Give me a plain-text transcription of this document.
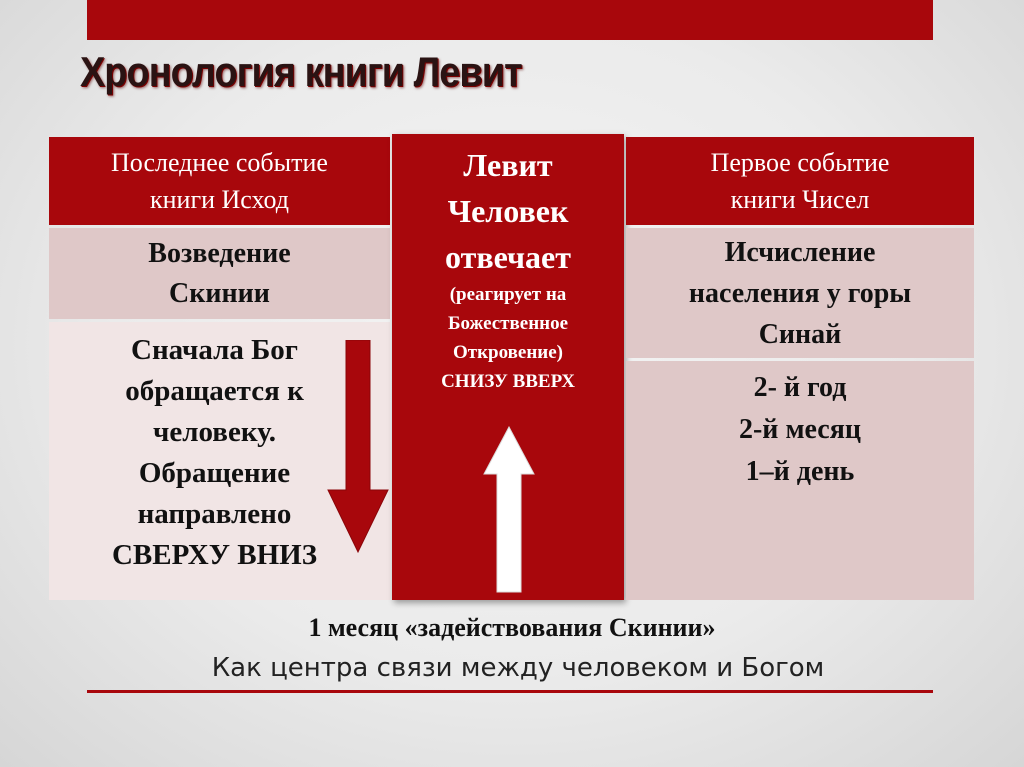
Хронология книги Левит
Последнее событие
книги Исход
Возведение
Скинии
Сначала Бог
обращается к
человеку.
Обращение
направлено
СВЕРХУ ВНИЗ
Левит
Человек
отвечает
(реагирует на
Божественное
Откровение)
СНИЗУ ВВЕРХ
Первое событие
книги Чисел
Исчисление
населения у горы
Синай
2- й год
2-й месяц
1–й день
1 месяц «задействования Скинии»
Как центра связи между человеком и Богом
